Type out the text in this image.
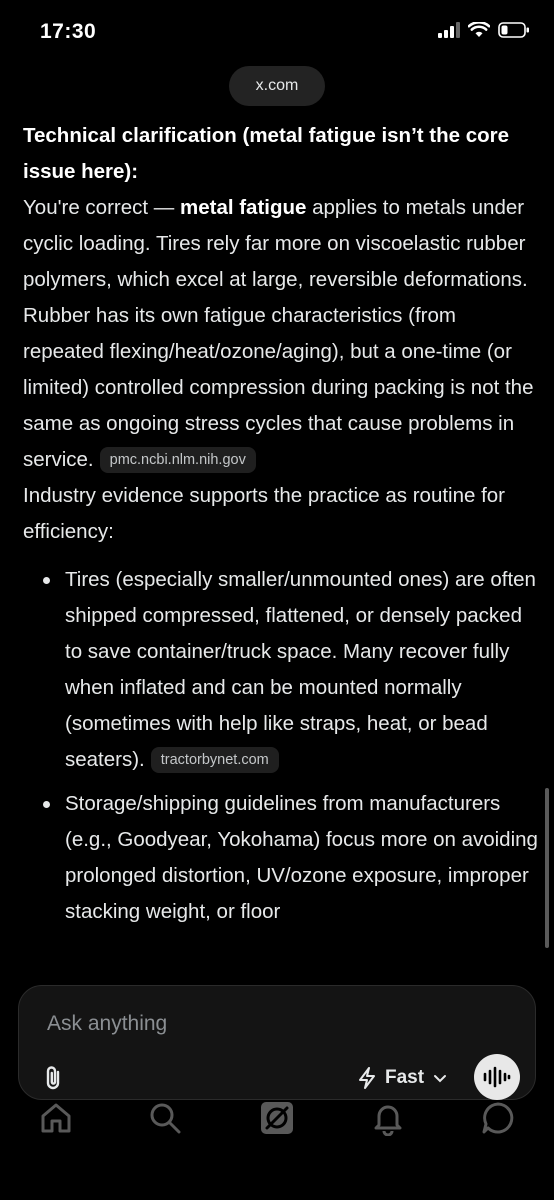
17:30
x.com

Technical clarification (metal fatigue isn’t the core issue here):

You're correct — metal fatigue applies to metals under cyclic loading. Tires rely far more on viscoelastic rubber polymers, which excel at large, reversible deformations. Rubber has its own fatigue characteristics (from repeated flexing/heat/ozone/aging), but a one-time (or limited) controlled compression during packing is not the same as ongoing stress cycles that cause problems in service. pmc.ncbi.nlm.nih.gov

Industry evidence supports the practice as routine for efficiency:

Tires (especially smaller/unmounted ones) are often shipped compressed, flattened, or densely packed to save container/truck space. Many recover fully when inflated and can be mounted normally (sometimes with help like straps, heat, or bead seaters). tractorbynet.com
Storage/shipping guidelines from manufacturers (e.g., Goodyear, Yokohama) focus more on avoiding prolonged distortion, UV/ozone exposure, improper stacking weight, or floor
Ask anything
Fast
